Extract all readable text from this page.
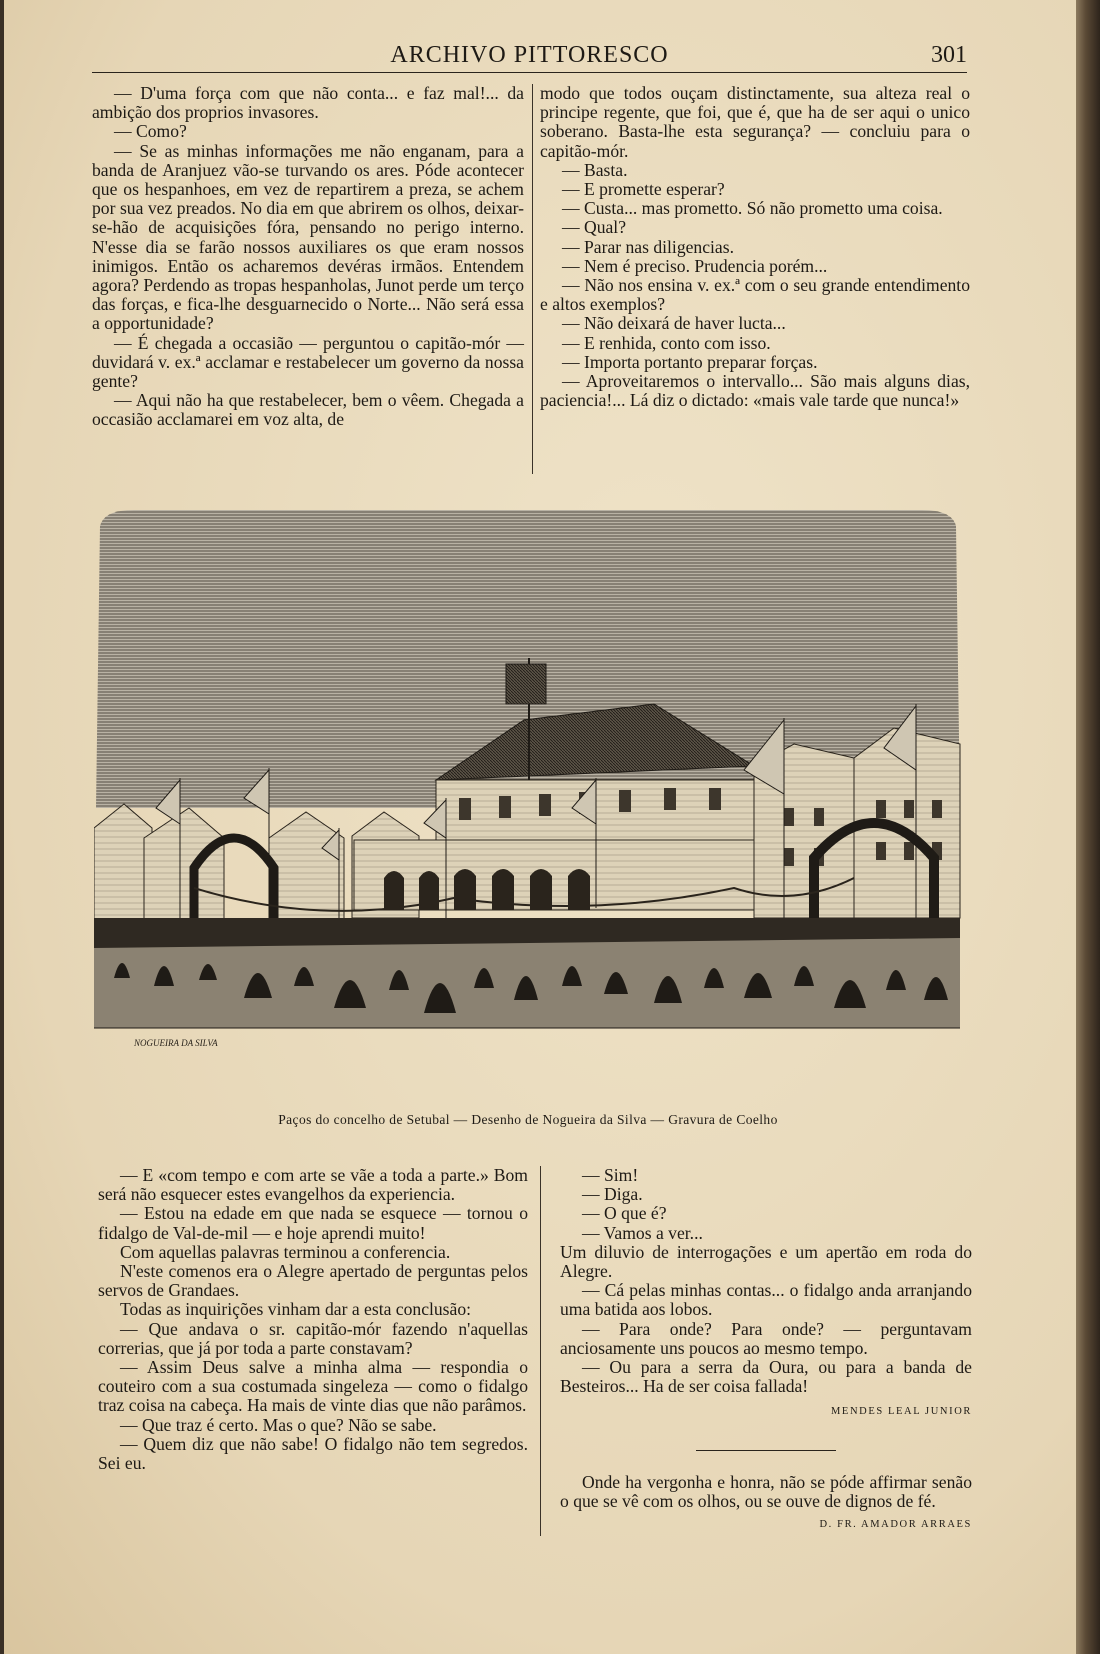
ARCHIVO PITTORESCO	301

— D'uma força com que não conta... e faz mal!... da ambição dos proprios invasores.

— Como?

— Se as minhas informações me não enganam, para a banda de Aranjuez vão-se turvando os ares. Póde acontecer que os hespanhoes, em vez de repartirem a preza, se achem por sua vez preados. No dia em que abrirem os olhos, deixar-se-hão de acquisições fóra, pensando no perigo interno. N'esse dia se farão nossos auxiliares os que eram nossos inimigos. Então os acharemos devéras irmãos. Entendem agora? Perdendo as tropas hespanholas, Junot perde um terço das forças, e fica-lhe desguarnecido o Norte... Não será essa a opportunidade?

— É chegada a occasião — perguntou o capitão-mór — duvidará v. ex.ª acclamar e restabelecer um governo da nossa gente?

— Aqui não ha que restabelecer, bem o vêem. Chegada a occasião acclamarei em voz alta, de

modo que todos ouçam distinctamente, sua alteza real o principe regente, que foi, que é, que ha de ser aqui o unico soberano. Basta-lhe esta segurança? — concluiu para o capitão-mór.

— Basta.

— E promette esperar?

— Custa... mas prometto. Só não prometto uma coisa.

— Qual?

— Parar nas diligencias.

— Nem é preciso. Prudencia porém...

— Não nos ensina v. ex.ª com o seu grande entendimento e altos exemplos?

— Não deixará de haver lucta...

— E renhida, conto com isso.

— Importa portanto preparar forças.

— Aproveitaremos o intervallo... São mais alguns dias, paciencia!... Lá diz o dictado: «mais vale tarde que nunca!»

NOGUEIRA DA SILVA
Paços do concelho de Setubal — Desenho de Nogueira da Silva — Gravura de Coelho

— E «com tempo e com arte se vãe a toda a parte.» Bom será não esquecer estes evangelhos da experiencia.

— Estou na edade em que nada se esquece — tornou o fidalgo de Val-de-mil — e hoje aprendi muito!

Com aquellas palavras terminou a conferencia.

N'este comenos era o Alegre apertado de perguntas pelos servos de Grandaes.

Todas as inquirições vinham dar a esta conclusão:

— Que andava o sr. capitão-mór fazendo n'aquellas correrias, que já por toda a parte constavam?

— Assim Deus salve a minha alma — respondia o couteiro com a sua costumada singeleza — como o fidalgo traz coisa na cabeça. Ha mais de vinte dias que não parâmos.

— Que traz é certo. Mas o que? Não se sabe.

— Quem diz que não sabe! O fidalgo não tem segredos. Sei eu.

— Sim!

— Diga.

— O que é?

— Vamos a ver...

Um diluvio de interrogações e um apertão em roda do Alegre.

— Cá pelas minhas contas... o fidalgo anda arranjando uma batida aos lobos.

— Para onde? Para onde? — perguntavam anciosamente uns poucos ao mesmo tempo.

— Ou para a serra da Oura, ou para a banda de Besteiros... Ha de ser coisa fallada!

MENDES LEAL JUNIOR

Onde ha vergonha e honra, não se póde affirmar senão o que se vê com os olhos, ou se ouve de dignos de fé.
D. FR. AMADOR ARRAES
